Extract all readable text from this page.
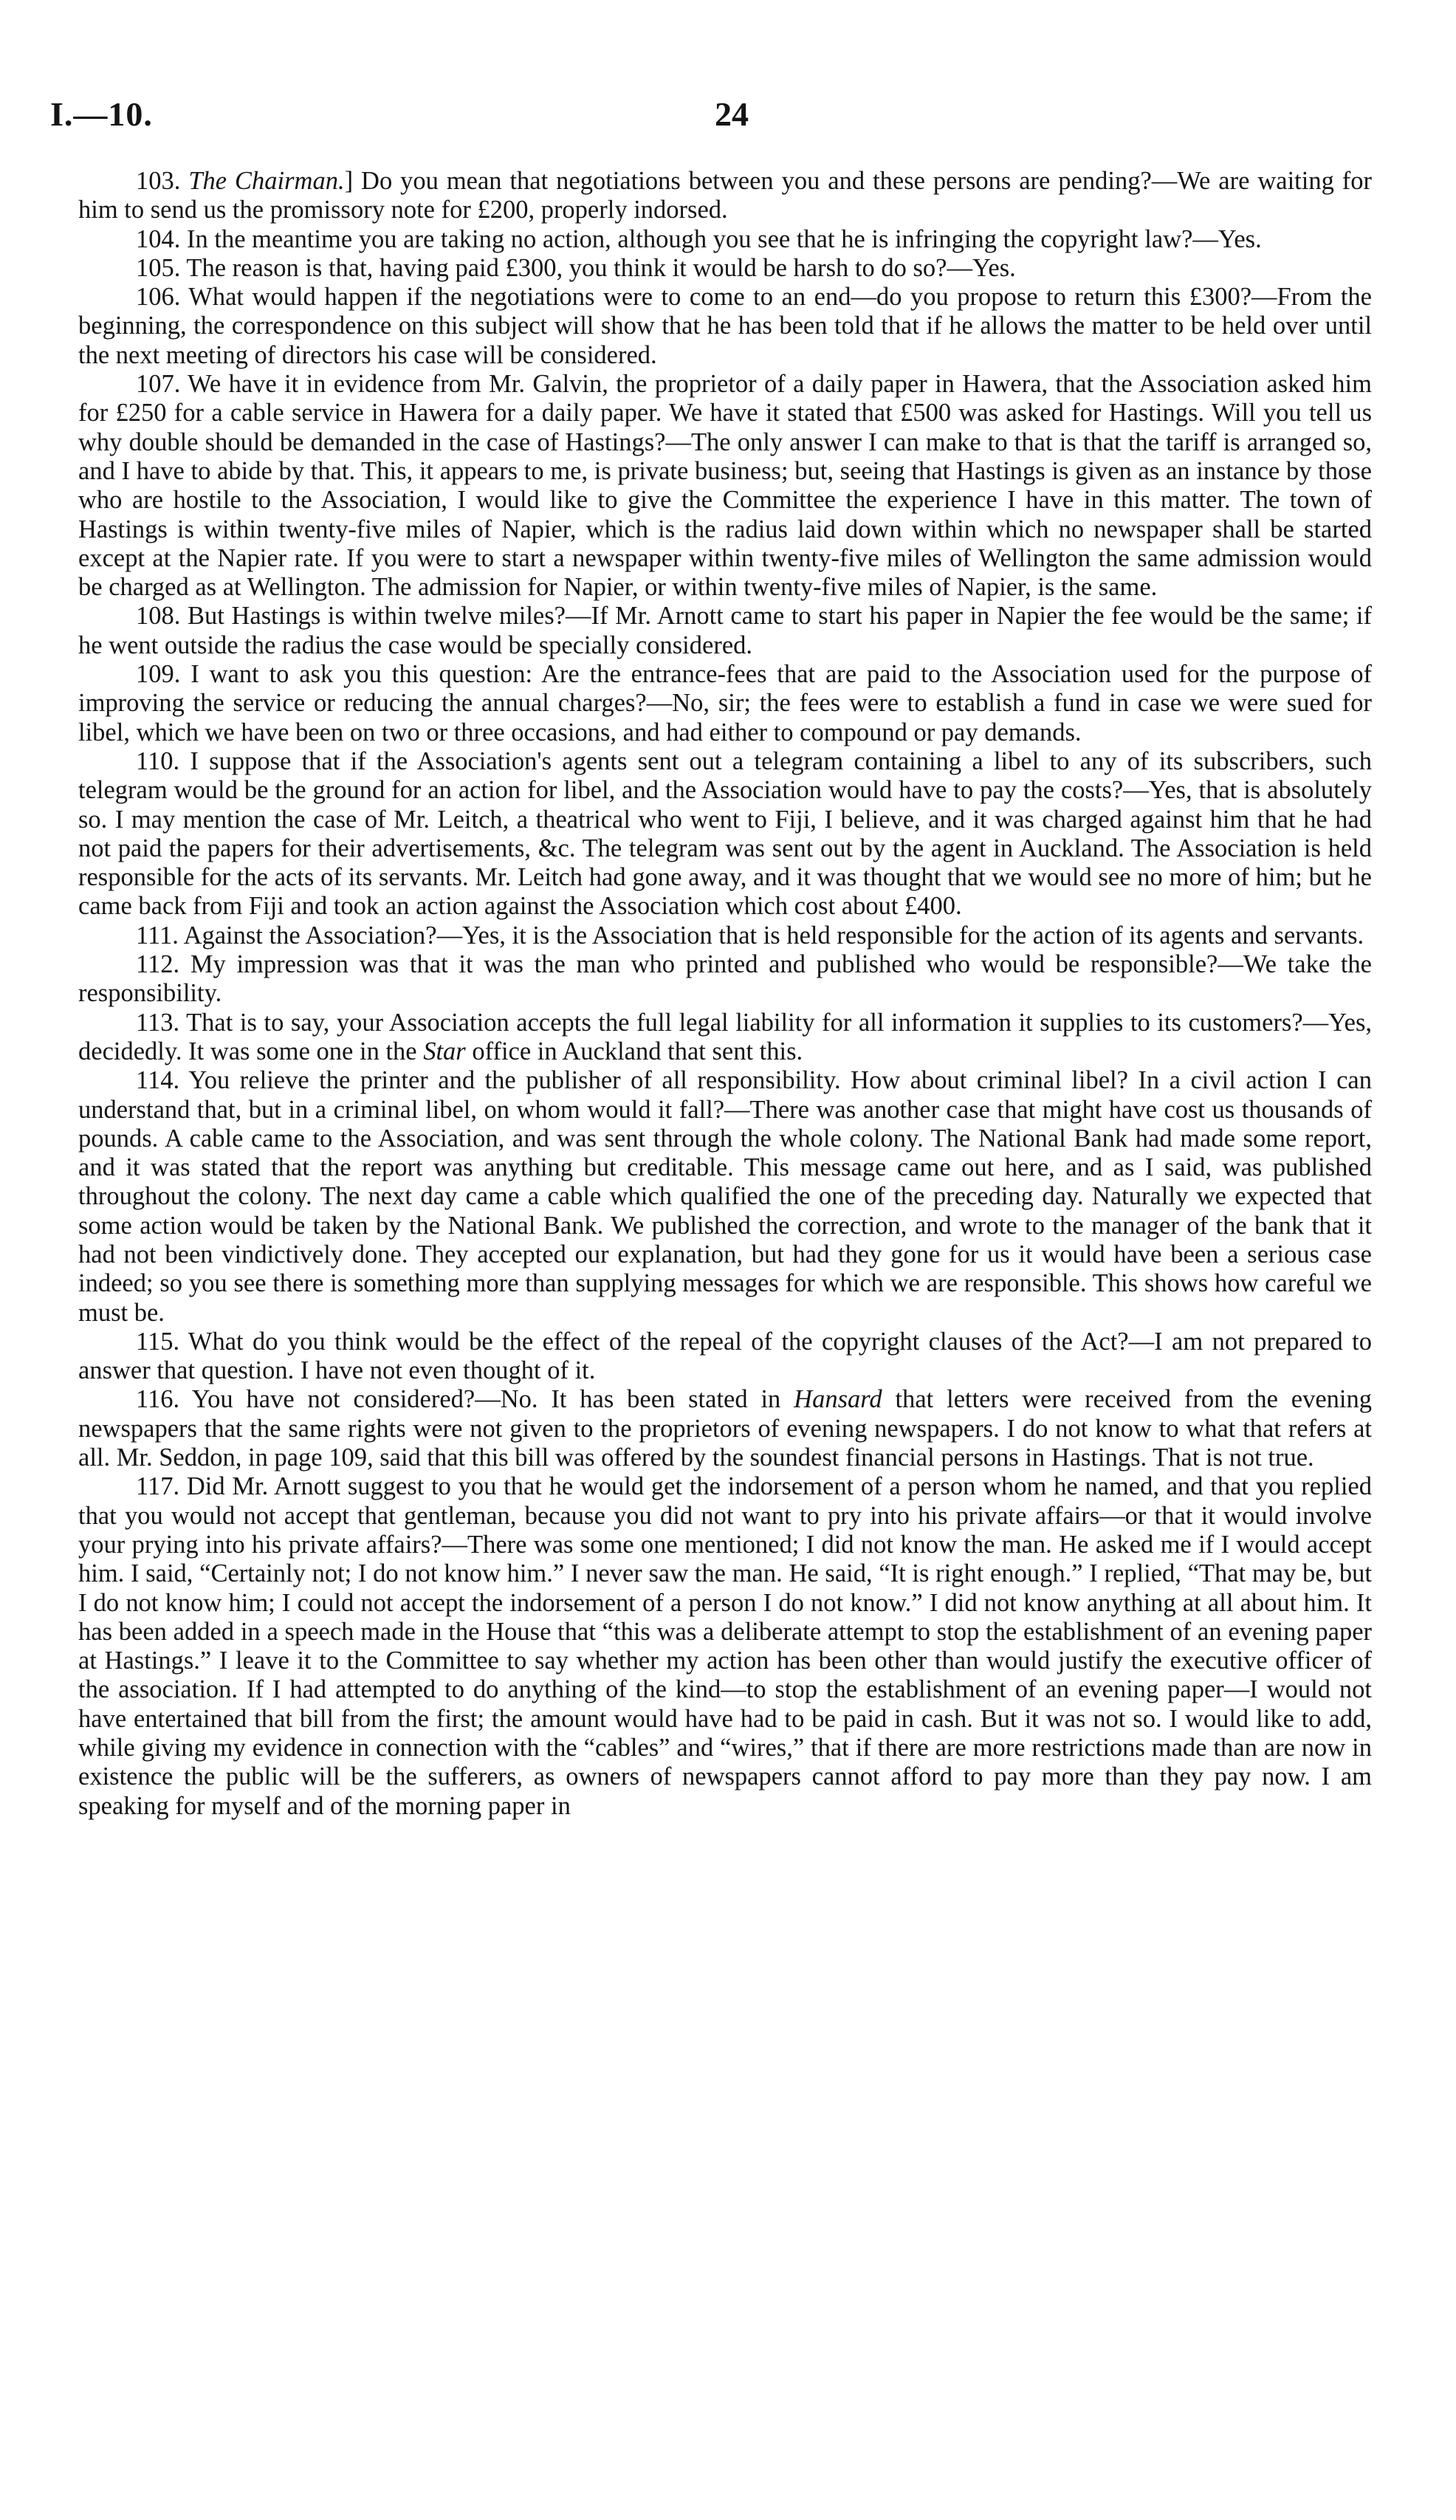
I.—10.	24

103. The Chairman.] Do you mean that negotiations between you and these persons are pending?—We are waiting for him to send us the promissory note for £200, properly indorsed.

104. In the meantime you are taking no action, although you see that he is infringing the copyright law?—Yes.

105. The reason is that, having paid £300, you think it would be harsh to do so?—Yes.

106. What would happen if the negotiations were to come to an end—do you propose to return this £300?—From the beginning, the correspondence on this subject will show that he has been told that if he allows the matter to be held over until the next meeting of directors his case will be considered.

107. We have it in evidence from Mr. Galvin, the proprietor of a daily paper in Hawera, that the Association asked him for £250 for a cable service in Hawera for a daily paper. We have it stated that £500 was asked for Hastings. Will you tell us why double should be demanded in the case of Hastings?—The only answer I can make to that is that the tariff is arranged so, and I have to abide by that. This, it appears to me, is private business; but, seeing that Hastings is given as an instance by those who are hostile to the Association, I would like to give the Committee the experience I have in this matter. The town of Hastings is within twenty-five miles of Napier, which is the radius laid down within which no newspaper shall be started except at the Napier rate. If you were to start a newspaper within twenty-five miles of Wellington the same admission would be charged as at Wellington. The admission for Napier, or within twenty-five miles of Napier, is the same.

108. But Hastings is within twelve miles?—If Mr. Arnott came to start his paper in Napier the fee would be the same; if he went outside the radius the case would be specially considered.

109. I want to ask you this question: Are the entrance-fees that are paid to the Association used for the purpose of improving the service or reducing the annual charges?—No, sir; the fees were to establish a fund in case we were sued for libel, which we have been on two or three occasions, and had either to compound or pay demands.

110. I suppose that if the Association's agents sent out a telegram containing a libel to any of its subscribers, such telegram would be the ground for an action for libel, and the Association would have to pay the costs?—Yes, that is absolutely so. I may mention the case of Mr. Leitch, a theatrical who went to Fiji, I believe, and it was charged against him that he had not paid the papers for their advertisements, &c. The telegram was sent out by the agent in Auckland. The Association is held responsible for the acts of its servants. Mr. Leitch had gone away, and it was thought that we would see no more of him; but he came back from Fiji and took an action against the Association which cost about £400.

111. Against the Association?—Yes, it is the Association that is held responsible for the action of its agents and servants.

112. My impression was that it was the man who printed and published who would be responsible?—We take the responsibility.

113. That is to say, your Association accepts the full legal liability for all information it supplies to its customers?—Yes, decidedly. It was some one in the Star office in Auckland that sent this.

114. You relieve the printer and the publisher of all responsibility. How about criminal libel? In a civil action I can understand that, but in a criminal libel, on whom would it fall?—There was another case that might have cost us thousands of pounds. A cable came to the Association, and was sent through the whole colony. The National Bank had made some report, and it was stated that the report was anything but creditable. This message came out here, and as I said, was published throughout the colony. The next day came a cable which qualified the one of the preceding day. Naturally we expected that some action would be taken by the National Bank. We published the correction, and wrote to the manager of the bank that it had not been vindictively done. They accepted our explanation, but had they gone for us it would have been a serious case indeed; so you see there is something more than supplying messages for which we are responsible. This shows how careful we must be.

115. What do you think would be the effect of the repeal of the copyright clauses of the Act?—I am not prepared to answer that question. I have not even thought of it.

116. You have not considered?—No. It has been stated in Hansard that letters were received from the evening newspapers that the same rights were not given to the proprietors of evening newspapers. I do not know to what that refers at all. Mr. Seddon, in page 109, said that this bill was offered by the soundest financial persons in Hastings. That is not true.

117. Did Mr. Arnott suggest to you that he would get the indorsement of a person whom he named, and that you replied that you would not accept that gentleman, because you did not want to pry into his private affairs—or that it would involve your prying into his private affairs?—There was some one mentioned; I did not know the man. He asked me if I would accept him. I said, “Certainly not; I do not know him.” I never saw the man. He said, “It is right enough.” I replied, “That may be, but I do not know him; I could not accept the indorsement of a person I do not know.” I did not know anything at all about him. It has been added in a speech made in the House that “this was a deliberate attempt to stop the establishment of an evening paper at Hastings.” I leave it to the Committee to say whether my action has been other than would justify the executive officer of the association. If I had attempted to do anything of the kind—to stop the establishment of an evening paper—I would not have entertained that bill from the first; the amount would have had to be paid in cash. But it was not so. I would like to add, while giving my evidence in connection with the “cables” and “wires,” that if there are more restrictions made than are now in existence the public will be the sufferers, as owners of newspapers cannot afford to pay more than they pay now. I am speaking for myself and of the morning paper in
